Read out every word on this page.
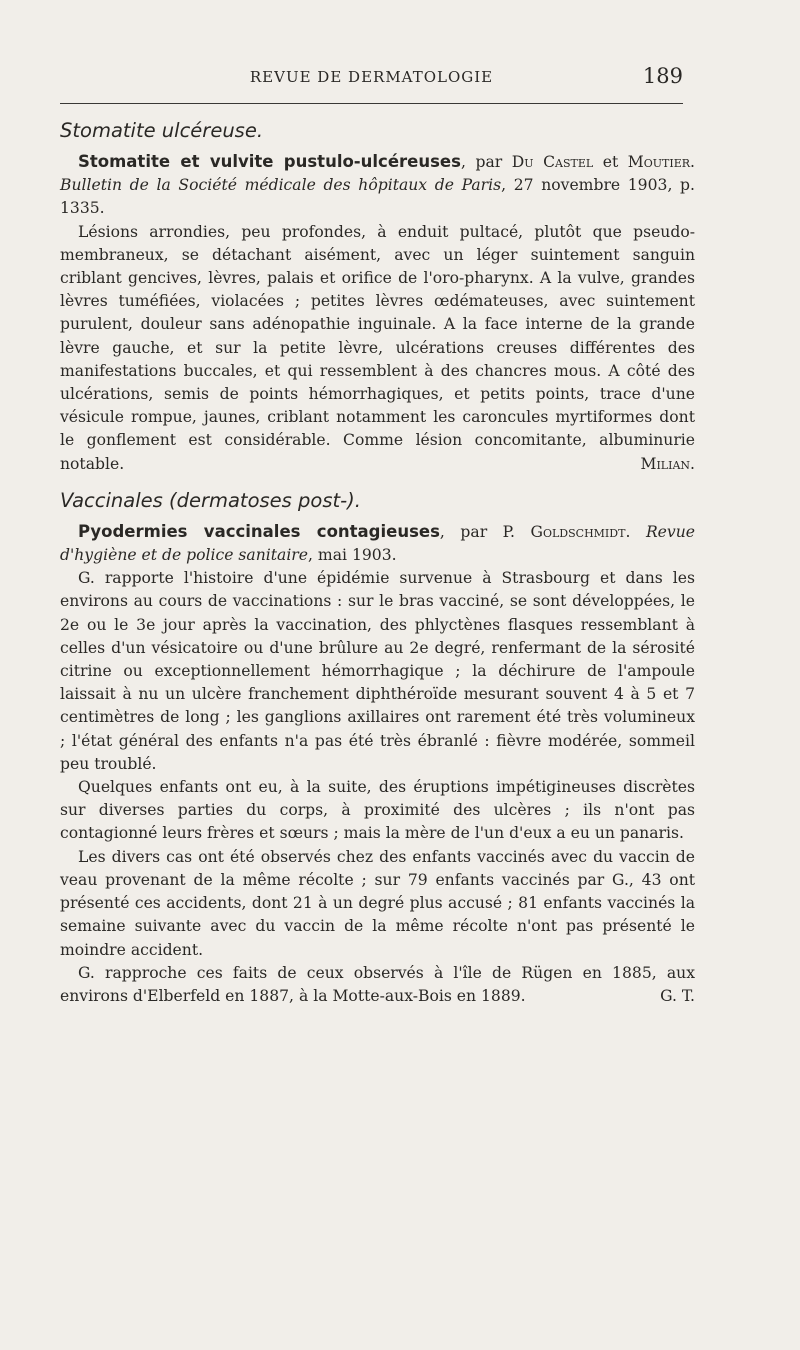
REVUE DE DERMATOLOGIE	189
Stomatite ulcéreuse.

Stomatite et vulvite pustulo-ulcéreuses, par Du Castel et Moutier. Bulletin de la Société médicale des hôpitaux de Paris, 27 novembre 1903, p. 1335.

Lésions arrondies, peu profondes, à enduit pultacé, plutôt que pseudo-membraneux, se détachant aisément, avec un léger suintement sanguin criblant gencives, lèvres, palais et orifice de l'oro-pharynx. A la vulve, grandes lèvres tuméfiées, violacées ; petites lèvres œdémateuses, avec suintement purulent, douleur sans adénopathie inguinale. A la face interne de la grande lèvre gauche, et sur la petite lèvre, ulcérations creuses différentes des manifestations buccales, et qui ressemblent à des chancres mous. A côté des ulcérations, semis de points hémorrhagiques, et petits points, trace d'une vésicule rompue, jaunes, criblant notamment les caroncules myrtiformes dont le gonflement est considérable. Comme lésion concomitante, albuminurie notable.	Milian.

Vaccinales (dermatoses post-).

Pyodermies vaccinales contagieuses, par P. Goldschmidt. Revue d'hygiène et de police sanitaire, mai 1903.

G. rapporte l'histoire d'une épidémie survenue à Strasbourg et dans les environs au cours de vaccinations : sur le bras vacciné, se sont développées, le 2e ou le 3e jour après la vaccination, des phlyctènes flasques ressemblant à celles d'un vésicatoire ou d'une brûlure au 2e degré, renfermant de la sérosité citrine ou exceptionnellement hémorrhagique ; la déchirure de l'ampoule laissait à nu un ulcère franchement diphthéroïde mesurant souvent 4 à 5 et 7 centimètres de long ; les ganglions axillaires ont rarement été très volumineux ; l'état général des enfants n'a pas été très ébranlé : fièvre modérée, sommeil peu troublé.

Quelques enfants ont eu, à la suite, des éruptions impétigineuses discrètes sur diverses parties du corps, à proximité des ulcères ; ils n'ont pas contagionné leurs frères et sœurs ; mais la mère de l'un d'eux a eu un panaris.

Les divers cas ont été observés chez des enfants vaccinés avec du vaccin de veau provenant de la même récolte ; sur 79 enfants vaccinés par G., 43 ont présenté ces accidents, dont 21 à un degré plus accusé ; 81 enfants vaccinés la semaine suivante avec du vaccin de la même récolte n'ont pas présenté le moindre accident.

G. rapproche ces faits de ceux observés à l'île de Rügen en 1885, aux environs d'Elberfeld en 1887, à la Motte-aux-Bois en 1889.	G. T.
